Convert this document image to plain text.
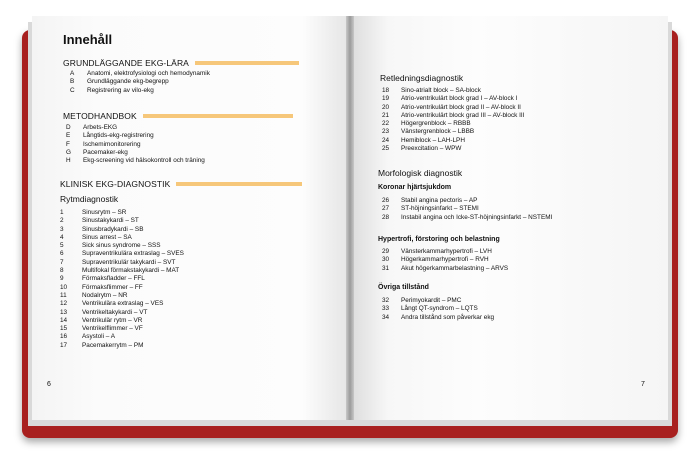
Innehåll
GRUNDLÄGGANDE EKG-LÄRA
A	Anatomi, elektrofysiologi och hemodynamik
B	Grundläggande ekg-begrepp
C	Registrering av vilo-ekg
METODHANDBOK
D	Arbets-EKG
E	Långtids-ekg-registrering
F	Ischemimonitorering
G	Pacemaker-ekg
H	Ekg-screening vid hälsokontroll och träning
KLINISK EKG-DIAGNOSTIK
Rytmdiagnostik
1	Sinusrytm – SR
2	Sinustakykardi – ST
3	Sinusbradykardi – SB
4	Sinus arrest – SA
5	Sick sinus syndrome – SSS
6	Supraventrikulära extraslag – SVES
7	Supraventrikulär takykardi – SVT
8	Multifokal förmakstakykardi – MAT
9	Förmaksfladder – FFL
10	Förmaksflimmer – FF
11	Nodalrytm – NR
12	Ventrikulära extraslag – VES
13	Ventrikeltakykardi – VT
14	Ventrikulär rytm – VR
15	Ventrikelflimmer – VF
16	Asystoli – A
17	Pacemakerrytm – PM
6
Retledningsdiagnostik
18	Sino-atrialt block – SA-block
19	Atrio-ventrikulärt block grad I – AV-block I
20	Atrio-ventrikulärt block grad II – AV-block II
21	Atrio-ventrikulärt block grad III – AV-block III
22	Högergrenblock – RBBB
23	Vänstergrenblock – LBBB
24	Hemiblock – LAH-LPH
25	Preexcitation – WPW
Morfologisk diagnostik
Koronar hjärtsjukdom
26	Stabil angina pectoris – AP
27	ST-höjningsinfarkt – STEMI
28	Instabil angina och Icke-ST-höjningsinfarkt – NSTEMI
Hypertrofi, förstoring och belastning
29	Vänsterkammarhypertrofi – LVH
30	Högerkammarhypertrofi – RVH
31	Akut högerkammarbelastning – ARVS
Övriga tillstånd
32	Perimyokardit – PMC
33	Långt QT-syndrom – LQTS
34	Andra tillstånd som påverkar ekg
7
